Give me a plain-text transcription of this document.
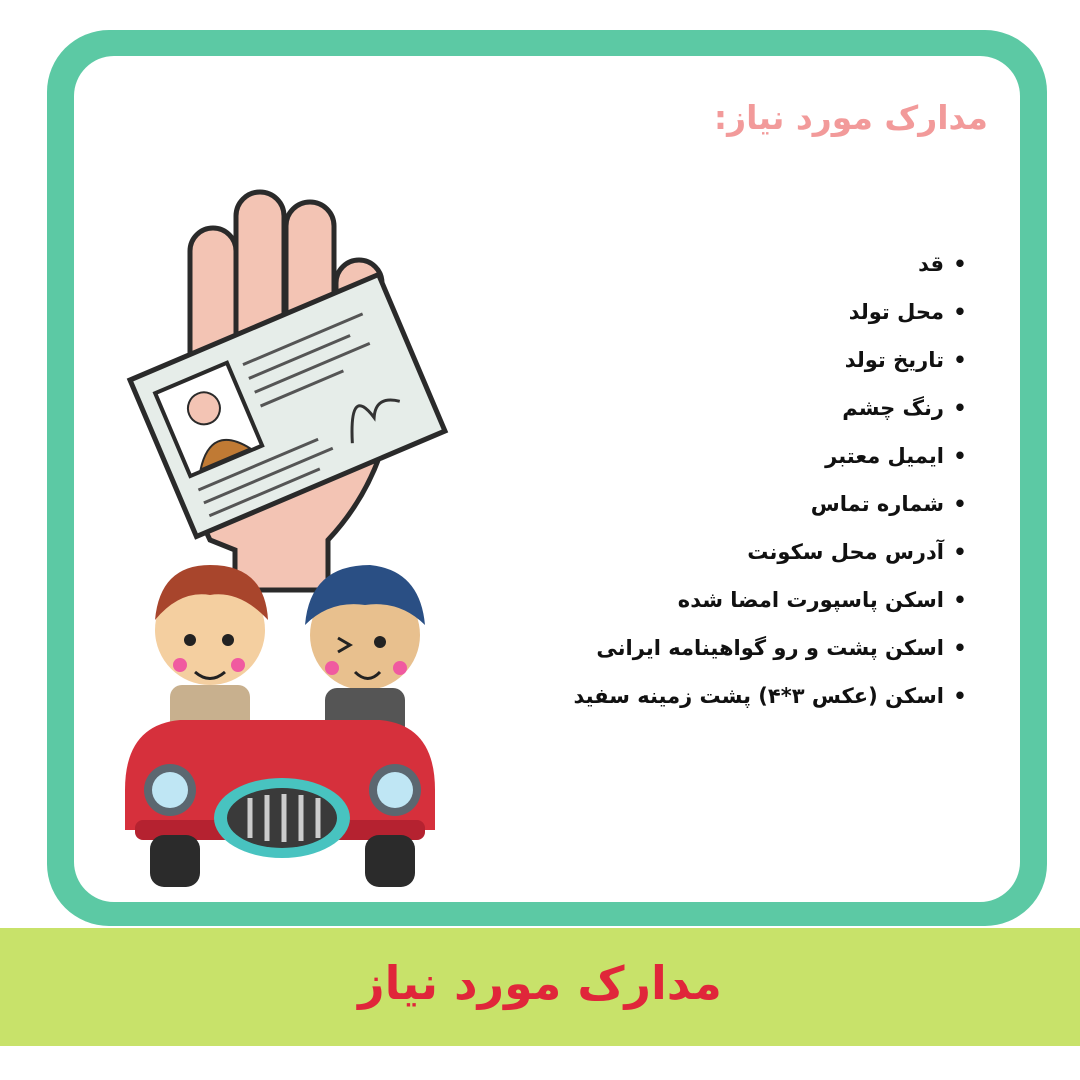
مدارک مورد نیاز:
• قد
• محل تولد
• تاریخ تولد
• رنگ چشم
• ایمیل معتبر
• شماره تماس
• آدرس محل سکونت
• اسکن پاسپورت امضا شده
• اسکن پشت و رو گواهینامه ایرانی
• اسکن (عکس ۳*۴) پشت زمینه سفید
مدارک مورد نیاز
